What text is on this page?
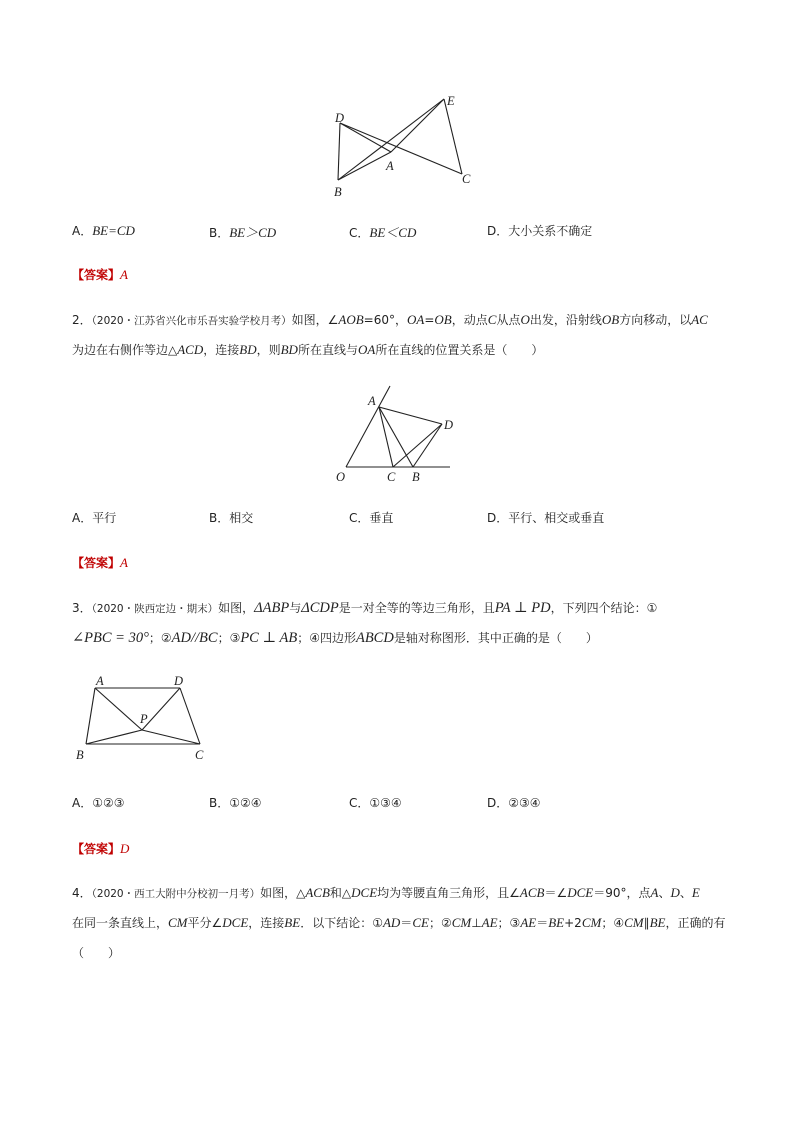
D
E
A
B
C
A．BE=CD	B．BE＞CD	C．BE＜CD	D．大小关系不确定
【答案】A
2．（2020・江苏省兴化市乐吾实验学校月考）如图，∠AOB=60°，OA=OB，动点C从点O出发，沿射线OB方向移动，以AC
为边在右侧作等边△ACD，连接BD，则BD所在直线与OA所在直线的位置关系是（　　）
A
D
O	C B
A．平行	B．相交	C．垂直	D．平行、相交或垂直
【答案】A
3．（2020・陕西定边・期末）如图，ΔABP与ΔCDP是一对全等的等边三角形，且PA ⊥ PD，下列四个结论：①
∠PBC = 30°；②AD//BC；③PC ⊥ AB；④四边形ABCD是轴对称图形．其中正确的是（　　）
A	D
P
B	C
A．①②③	B．①②④	C．①③④	D．②③④
【答案】D
4．（2020・西工大附中分校初一月考）如图，△ACB和△DCE均为等腰直角三角形，且∠ACB＝∠DCE＝90°，点A、D、E
在同一条直线上，CM平分∠DCE，连接BE．以下结论：①AD＝CE；②CM⊥AE；③AE＝BE+2CM；④CM∥BE，正确的有
（　　）
